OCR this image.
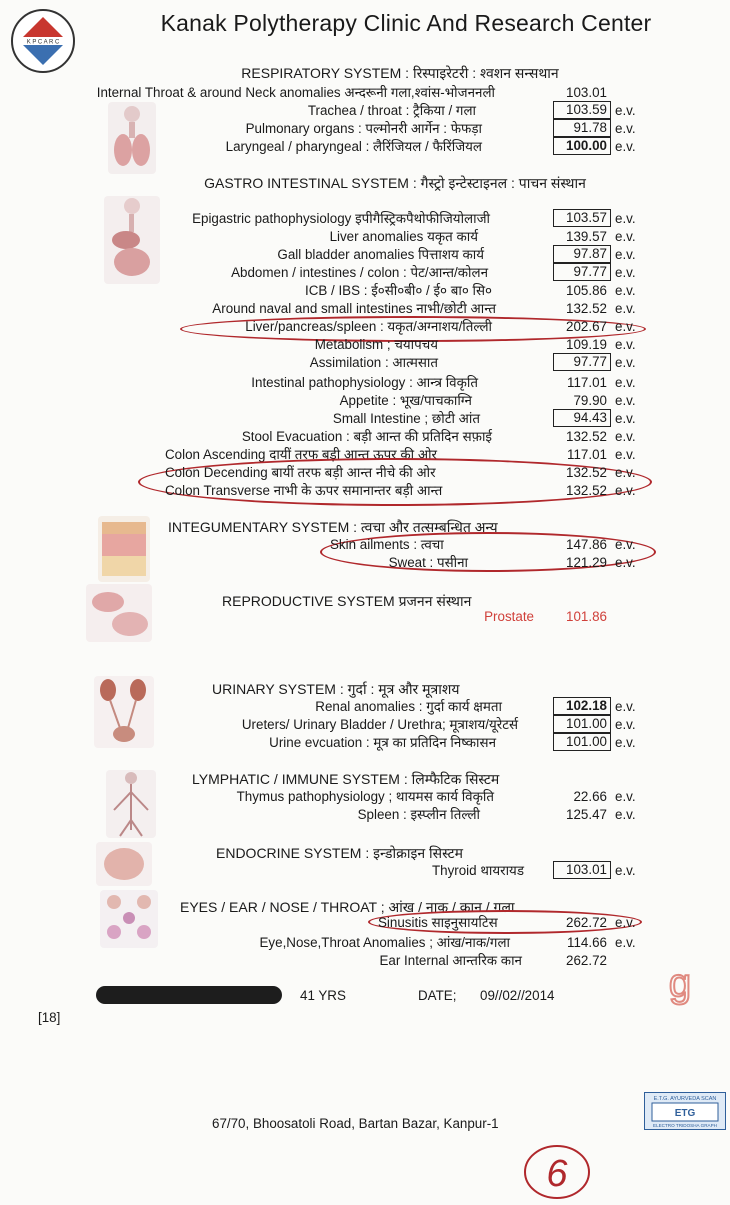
K P C A R C
Kanak Polytherapy Clinic And Research Center
RESPIRATORY SYSTEM : रिस्पाइरेटरी : श्वशन सन्सथान
Internal Throat & around Neck anomalies अन्दरूनी गला,श्वांस-भोजननली	103.01
Trachea / throat : ट्रैकिया / गला	103.59 e.v.
Pulmonary organs : पल्मोनरी आर्गेन : फेफड़ा	91.78 e.v.
Laryngeal / pharyngeal : लैरिंजियल / फैरिंजियल	100.00 e.v.
GASTRO INTESTINAL SYSTEM : गैस्ट्रो इन्टेस्टाइनल : पाचन संस्थान
Epigastric pathophysiology इपीगैस्ट्रिकपैथोफीजियोलाजी	103.57 e.v.
Liver anomalies यकृत कार्य	139.57 e.v.
Gall bladder anomalies पित्ताशय कार्य	97.87 e.v.
Abdomen / intestines / colon : पेट/आन्त/कोलन	97.77 e.v.
ICB / IBS : ई०सी०बी० / ई० बा० सि०	105.86 e.v.
Around naval and small intestines नाभी/छोटी आन्त	132.52 e.v.
Liver/pancreas/spleen : यकृत/अग्नाशय/तिल्ली	202.67 e.v.
Metabolism ; चयापचय	109.19 e.v.
Assimilation : आत्मसात	97.77 e.v.
Intestinal pathophysiology : आन्त्र विकृति	117.01 e.v.
Appetite : भूख/पाचकाग्नि	79.90 e.v.
Small Intestine ; छोटी आंत	94.43 e.v.
Stool Evacuation : बड़ी आन्त की प्रतिदिन सफ़ाई	132.52 e.v.
Colon Ascending दायीं तरफ बड़ी आन्त ऊपर की ओर	117.01 e.v.
Colon Decending बायीं तरफ बड़ी आन्त नीचे की ओर	132.52 e.v.
Colon Transverse नाभी के ऊपर समानान्तर बड़ी आन्त	132.52 e.v.
INTEGUMENTARY SYSTEM : त्वचा और तत्सम्बन्धित अन्य
Skin ailments : त्वचा	147.86 e.v.
Sweat : पसीना	121.29 e.v.
REPRODUCTIVE SYSTEM प्रजनन संस्थान
Prostate	101.86
URINARY SYSTEM : गुर्दा : मूत्र और मूत्राशय
Renal anomalies : गुर्दा कार्य क्षमता	102.18 e.v.
Ureters/ Urinary Bladder / Urethra; मूत्राशय/यूरेटर्स	101.00 e.v.
Urine evcuation : मूत्र का प्रतिदिन निष्कासन	101.00 e.v.
LYMPHATIC / IMMUNE SYSTEM : लिम्फैटिक सिस्टम
Thymus pathophysiology ; थायमस कार्य विकृति	22.66 e.v.
Spleen : इस्प्लीन तिल्ली	125.47 e.v.
ENDOCRINE SYSTEM : इन्डोक्राइन सिस्टम
Thyroid थायरायड	103.01 e.v.
EYES / EAR / NOSE / THROAT ; आंख / नाक / कान / गला
Sinusitis साइनुसायटिस	262.72 e.v.
Eye,Nose,Throat Anomalies ; आंख/नाक/गला	114.66 e.v.
Ear Internal आन्तरिक कान	262.72
41 YRS	DATE; 09//02//2014
[18]
g
67/70, Bhoosatoli Road, Bartan Bazar, Kanpur-1
E.T.G. AYURVEDA SCAN
ETG
ELECTRO TRIDOSHA GRAPH
6
